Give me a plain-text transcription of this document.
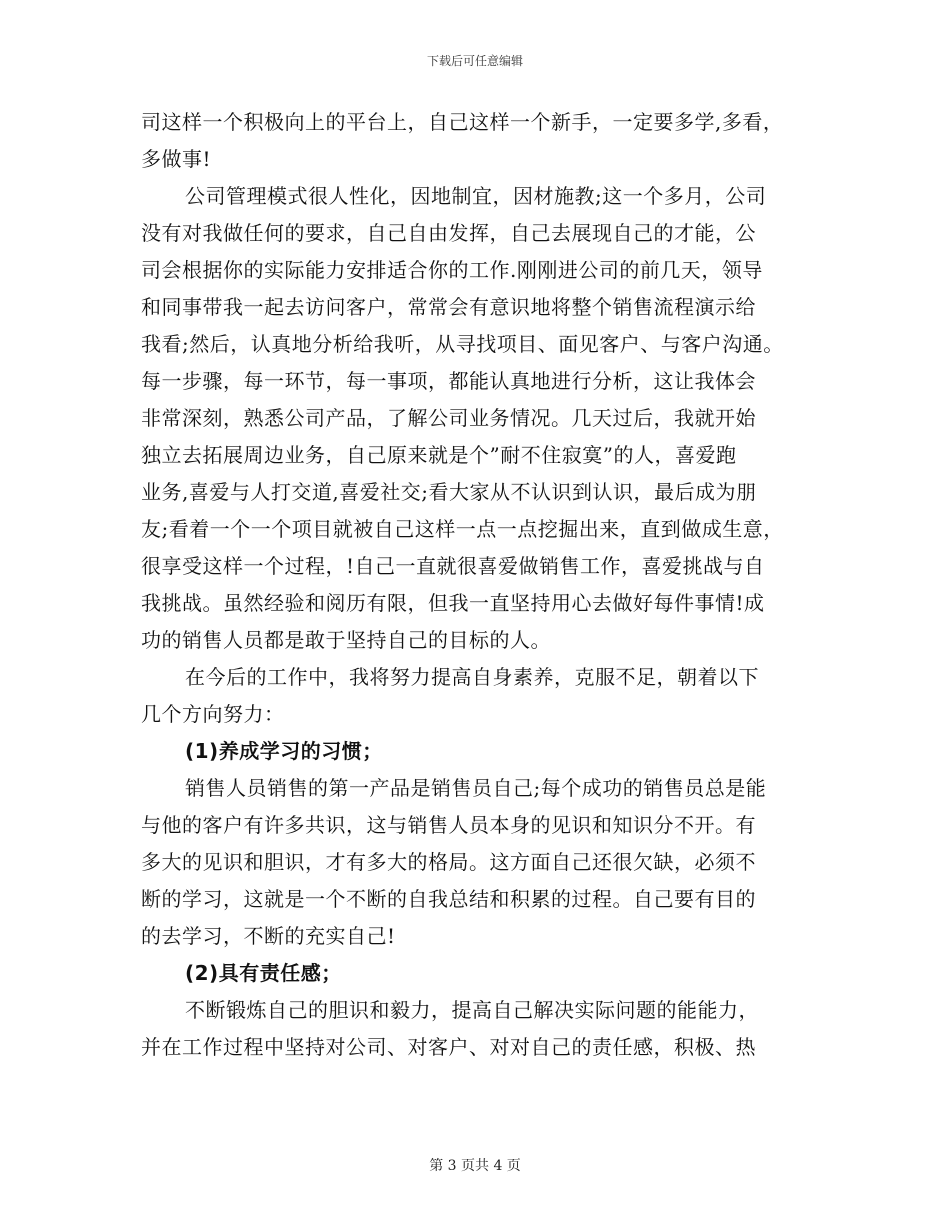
下载后可任意编辑
司这样一个积极向上的平台上，自己这样一个新手，一定要多学,多看，
多做事!
公司管理模式很人性化，因地制宜，因材施教;这一个多月，公司
没有对我做任何的要求，自己自由发挥，自己去展现自己的才能，公
司会根据你的实际能力安排适合你的工作.刚刚进公司的前几天，领导
和同事带我一起去访问客户，常常会有意识地将整个销售流程演示给
我看;然后，认真地分析给我听，从寻找项目、面见客户、与客户沟通。
每一步骤，每一环节，每一事项，都能认真地进行分析，这让我体会
非常深刻，熟悉公司产品，了解公司业务情况。几天过后，我就开始
独立去拓展周边业务，自己原来就是个”耐不住寂寞”的人，喜爱跑
业务,喜爱与人打交道,喜爱社交;看大家从不认识到认识，最后成为朋
友;看着一个一个项目就被自己这样一点一点挖掘出来，直到做成生意，
很享受这样一个过程，!自己一直就很喜爱做销售工作，喜爱挑战与自
我挑战。虽然经验和阅历有限，但我一直坚持用心去做好每件事情!成
功的销售人员都是敢于坚持自己的目标的人。
在今后的工作中，我将努力提高自身素养，克服不足，朝着以下
几个方向努力：
(1)养成学习的习惯；
销售人员销售的第一产品是销售员自己;每个成功的销售员总是能
与他的客户有许多共识，这与销售人员本身的见识和知识分不开。有
多大的见识和胆识，才有多大的格局。这方面自己还很欠缺，必须不
断的学习，这就是一个不断的自我总结和积累的过程。自己要有目的
的去学习，不断的充实自己!
(2)具有责任感；
不断锻炼自己的胆识和毅力，提高自己解决实际问题的能能力，
并在工作过程中坚持对公司、对客户、对对自己的责任感，积极、热
第 3 页共 4 页
